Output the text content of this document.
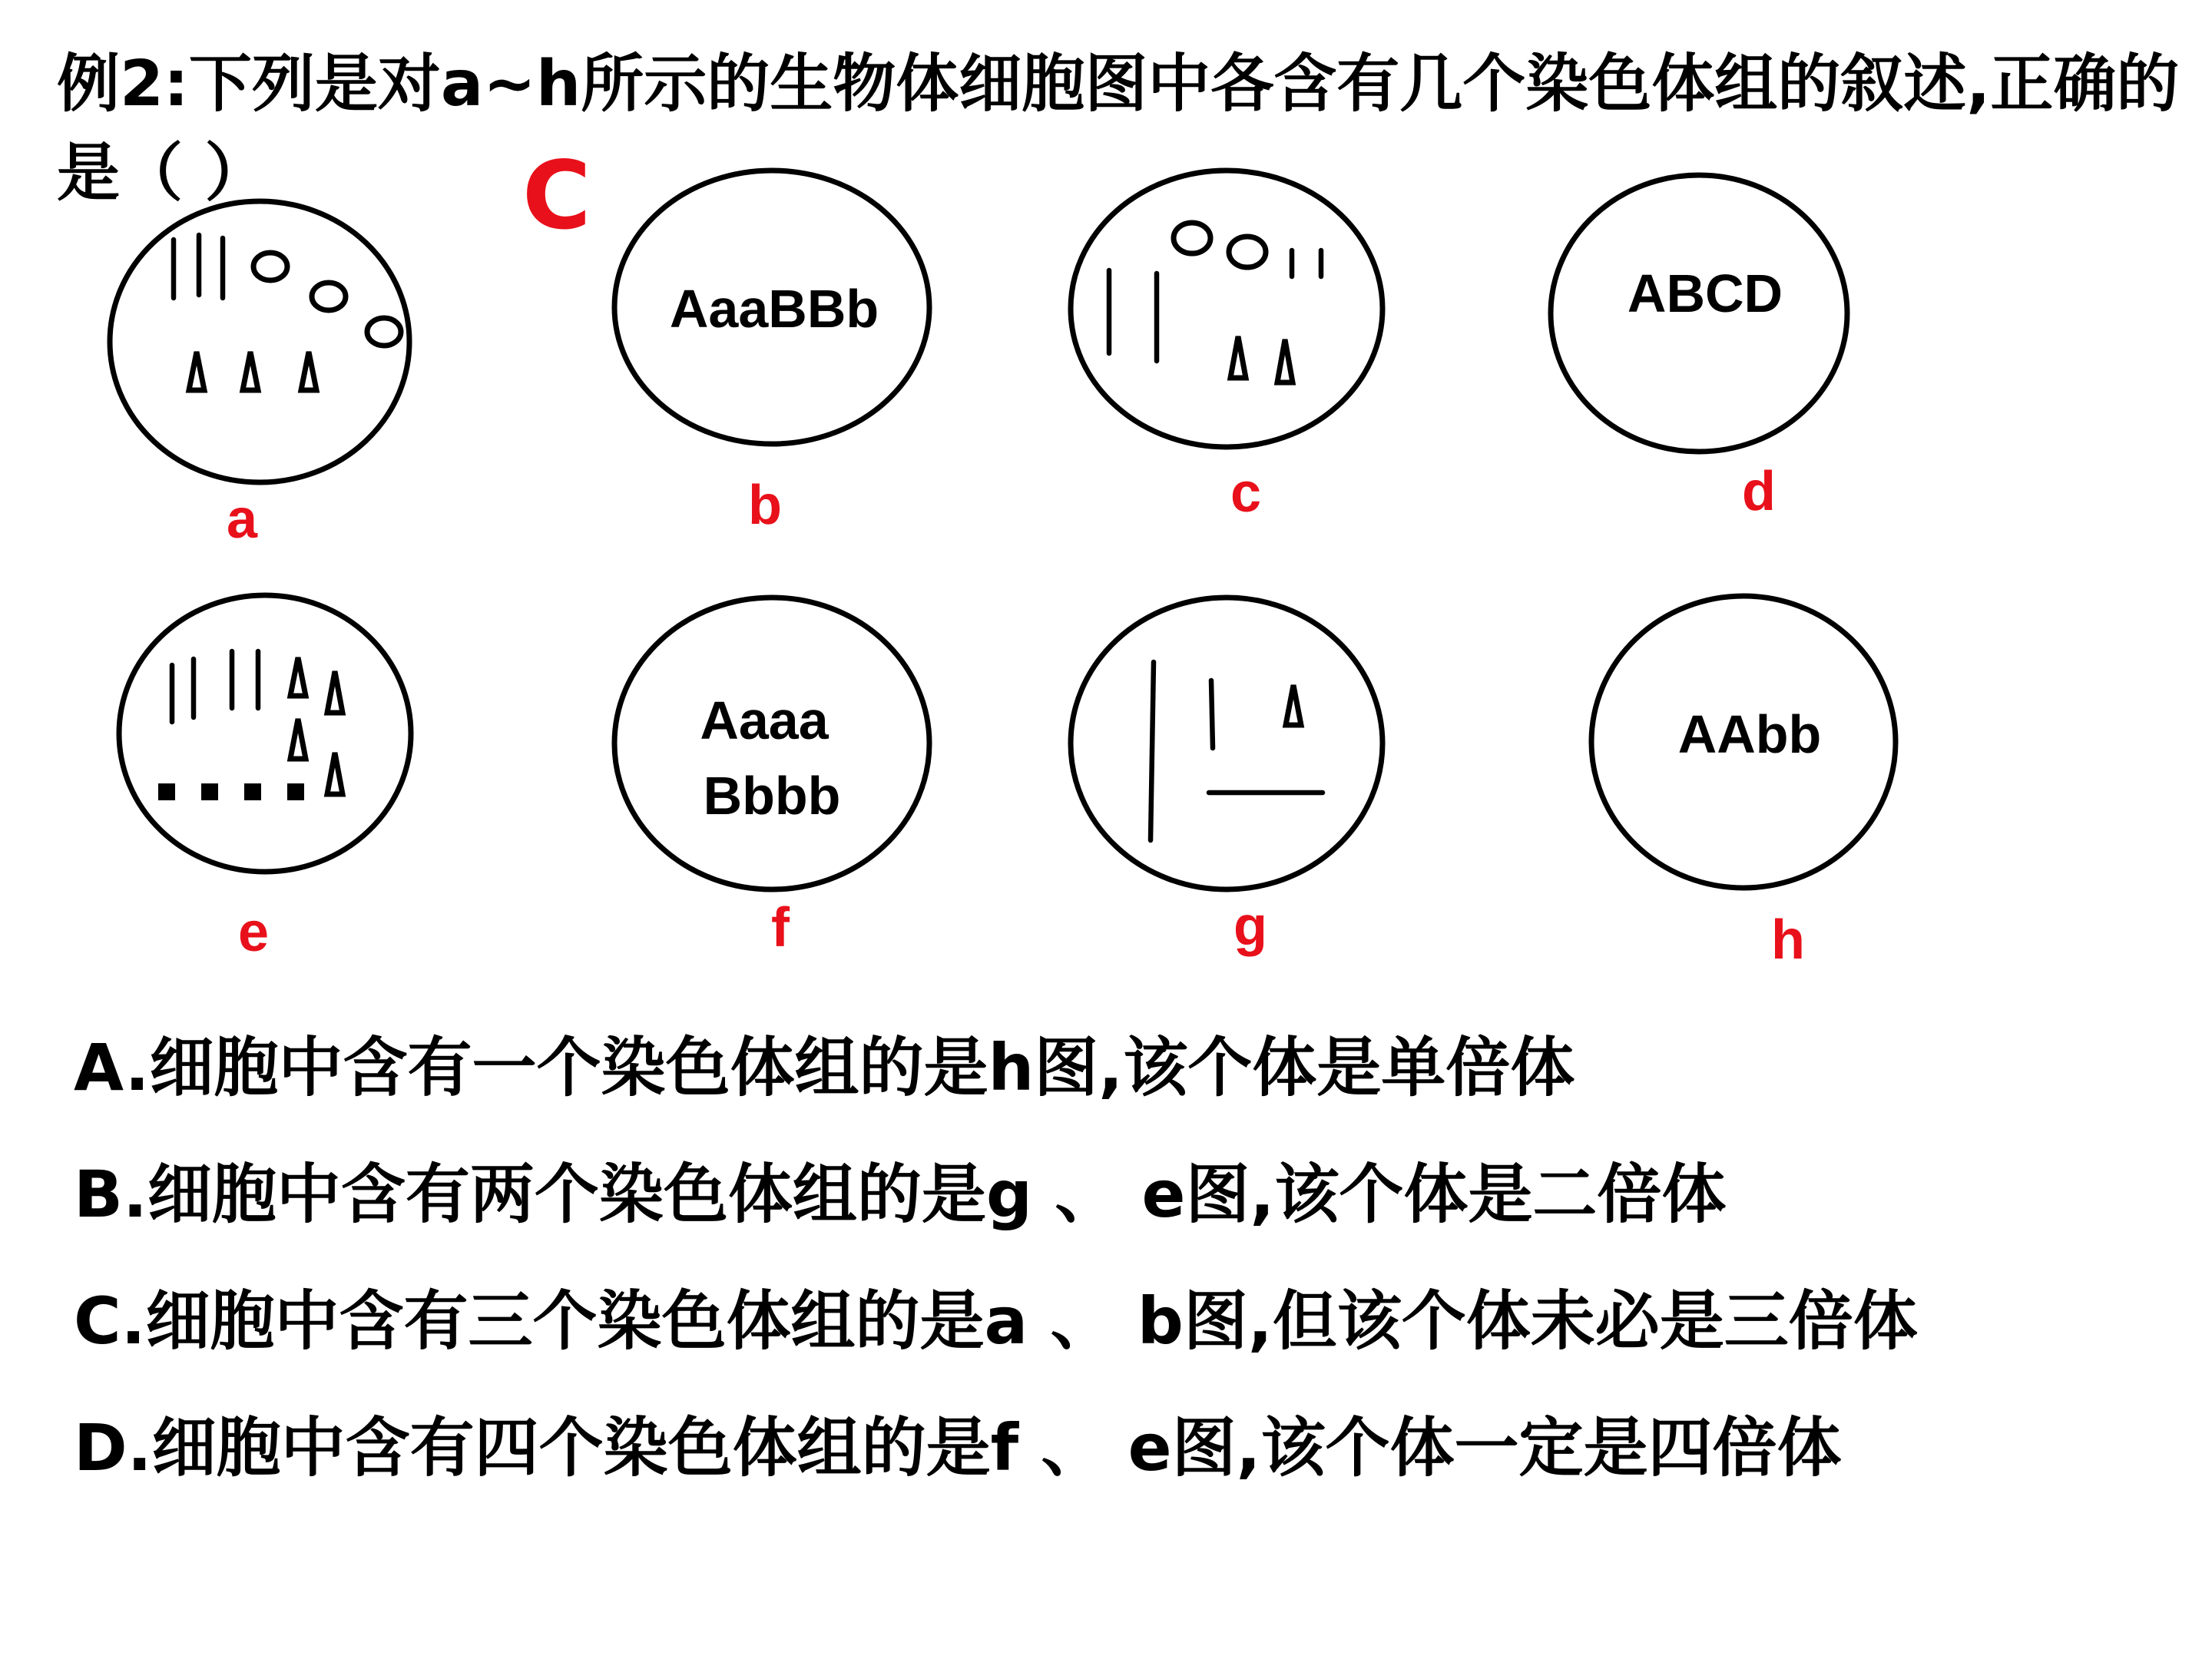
例2:下列是对a~h所示的生物体细胞图中各含有几个染色体组的叙述,正确的是（ ）	C
a
AaaBBb
b	c
ABCD
d
e
Aaaa
Bbbb
f	g
AAbb
h
A.细胞中含有一个染色体组的是h图,该个体是单倍体
B.细胞中含有两个染色体组的是g 、 e图,该个体是二倍体
C.细胞中含有三个染色体组的是a 、 b图,但该个体未必是三倍体
D.细胞中含有四个染色体组的是f 、 e图,该个体一定是四倍体
